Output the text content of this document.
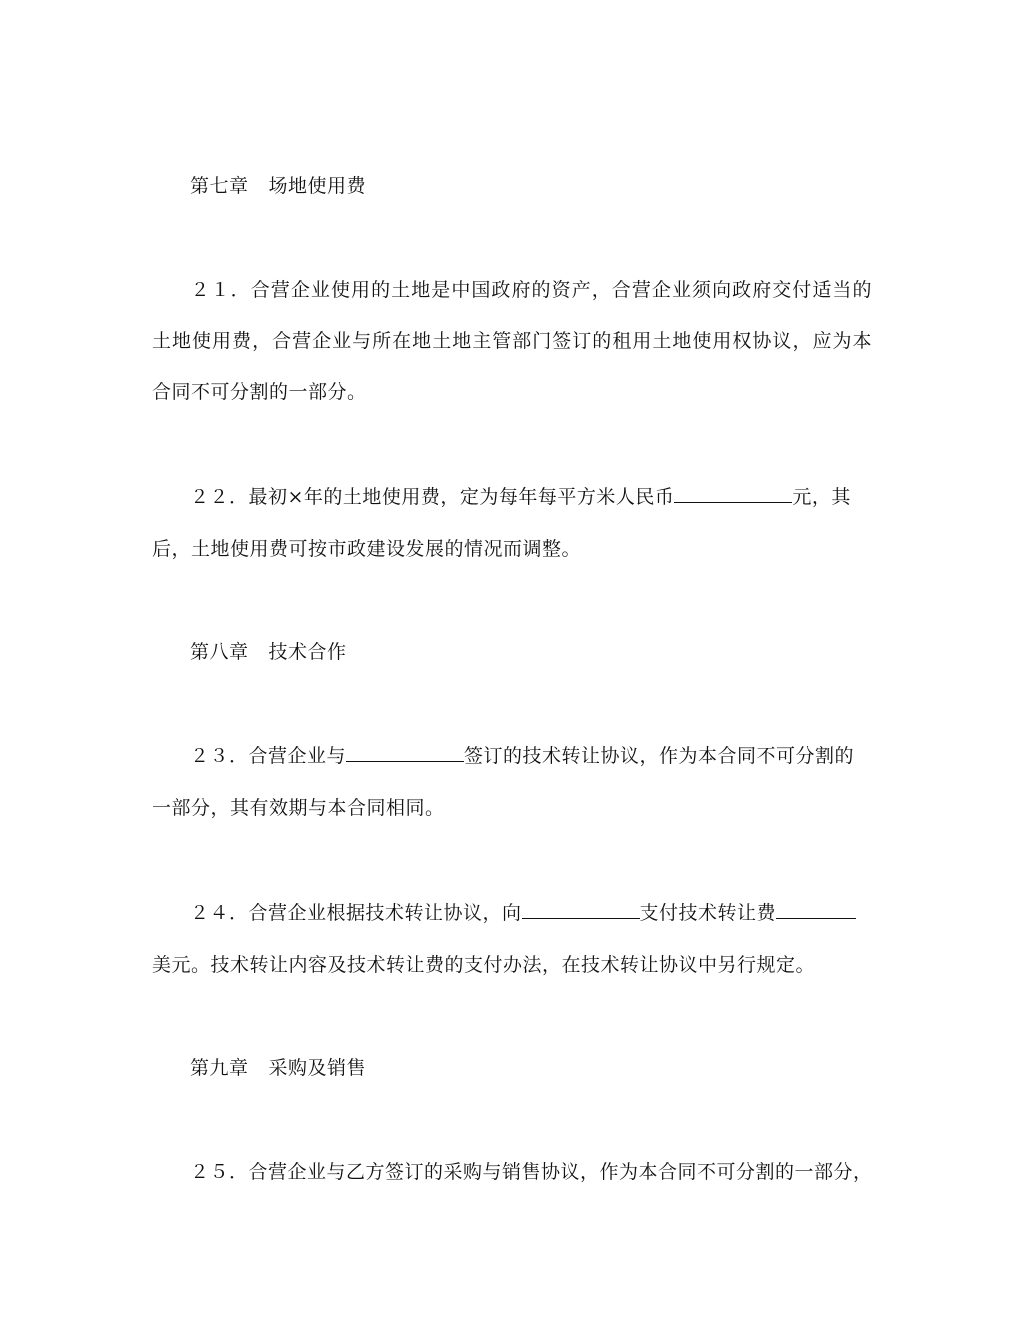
第七章 场地使用费
２１．合营企业使用的土地是中国政府的资产，合营企业须向政府交付适当的
土地使用费，合营企业与所在地土地主管部门签订的租用土地使用权协议，应为本
合同不可分割的一部分。
２２．最初×年的土地使用费，定为每年每平方米人民币	元，其
后，土地使用费可按市政建设发展的情况而调整。
第八章 技术合作
２３．合营企业与	签订的技术转让协议，作为本合同不可分割的
一部分，其有效期与本合同相同。
２４．合营企业根据技术转让协议，向	支付技术转让费
美元。技术转让内容及技术转让费的支付办法，在技术转让协议中另行规定。
第九章 采购及销售
２５．合营企业与乙方签订的采购与销售协议，作为本合同不可分割的一部分，
